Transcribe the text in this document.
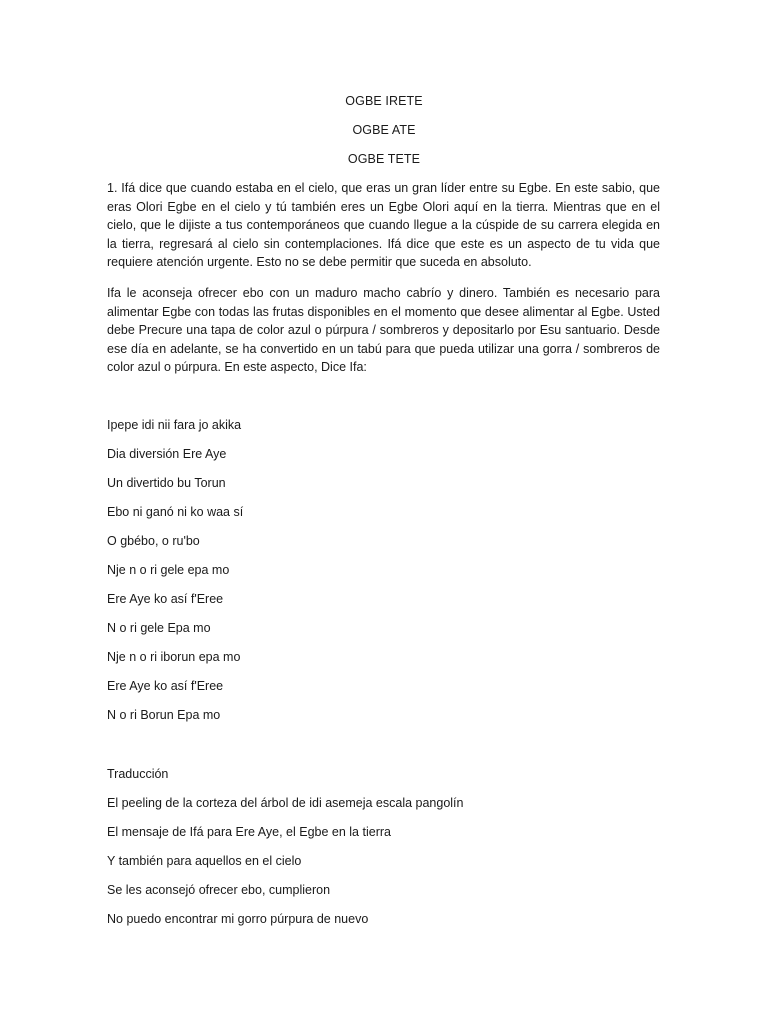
OGBE IRETE
OGBE ATE
OGBE TETE
1. Ifá dice que cuando estaba en el cielo, que eras un gran líder entre su Egbe. En este sabio, que eras Olori Egbe en el cielo y tú también eres un Egbe Olori aquí en la tierra. Mientras que en el cielo, que le dijiste a tus contemporáneos que cuando llegue a la cúspide de su carrera elegida en la tierra, regresará al cielo sin contemplaciones. Ifá dice que este es un aspecto de tu vida que requiere atención urgente. Esto no se debe permitir que suceda en absoluto.
Ifa le aconseja ofrecer ebo con un maduro macho cabrío y dinero. También es necesario para alimentar Egbe con todas las frutas disponibles en el momento que desee alimentar al Egbe. Usted debe Precure una tapa de color azul o púrpura / sombreros y depositarlo por Esu santuario. Desde ese día en adelante, se ha convertido en un tabú para que pueda utilizar una gorra / sombreros de color azul o púrpura. En este aspecto, Dice Ifa:
Ipepe idi nii fara jo akika
Dia diversión Ere Aye
Un divertido bu Torun
Ebo ni ganó ni ko waa sí
O gbébo, o ru'bo
Nje n o ri gele epa mo
Ere Aye ko así f'Eree
N o ri gele Epa mo
Nje n o ri iborun epa mo
Ere Aye ko así f'Eree
N o ri Borun Epa mo
Traducción
El peeling de la corteza del árbol de idi asemeja escala pangolín
El mensaje de Ifá para Ere Aye, el Egbe en la tierra
Y también para aquellos en el cielo
Se les aconsejó ofrecer ebo, cumplieron
No puedo encontrar mi gorro púrpura de nuevo
